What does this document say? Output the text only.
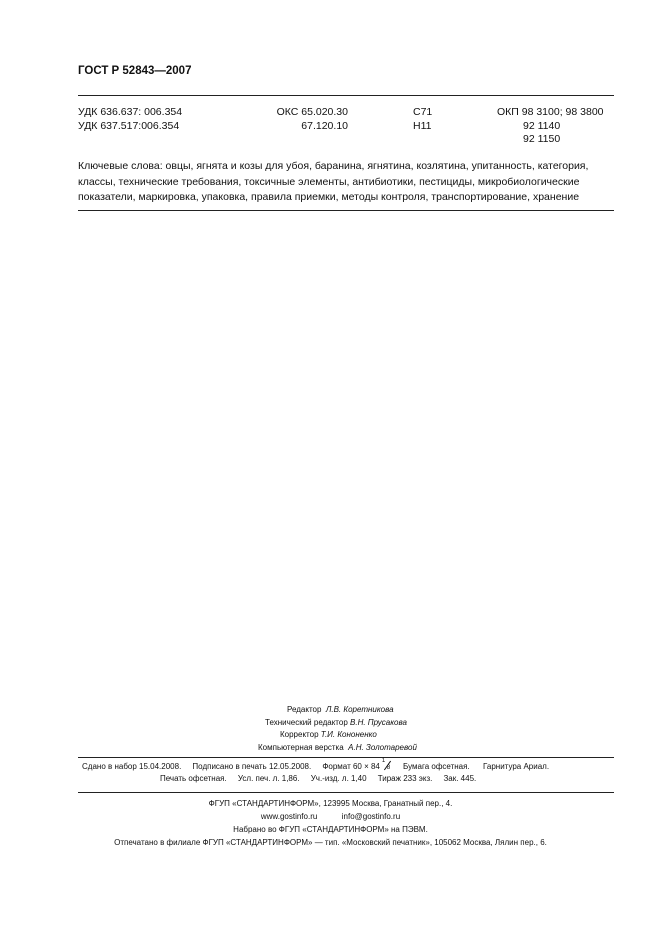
ГОСТ Р 52843—2007
УДК 636.637: 006.354
УДК 637.517:006.354
ОКС 65.020.30
67.120.10
С71
Н11
ОКП 98 3100; 98 3800
92 1140
92 1150
Ключевые слова: овцы, ягнята и козы для убоя, баранина, ягнятина, козлятина, упитанность, категория,
классы, технические требования, токсичные элементы, антибиотики, пестициды, микробиологические
показатели, маркировка, упаковка, правила приемки, методы контроля, транспортирование, хранение
Редактор Л.В. Коретникова
Технический редактор В.Н. Прусакова
Корректор Т.И. Кононенко
Компьютерная верстка А.Н. Золотаревой
Сдано в набор 15.04.2008. Подписано в печать 12.05.2008. Формат 60 × 84
1
8 Бумага офсетная. Гарнитура Ариал.
Печать офсетная. Усл. печ. л. 1,86. Уч.-изд. л. 1,40 Тираж 233 экз. Зак. 445.
ФГУП «СТАНДАРТИНФОРМ», 123995 Москва, Гранатный пер., 4.
www.gostinfo.ru	info@gostinfo.ru
Набрано во ФГУП «СТАНДАРТИНФОРМ» на ПЭВМ.
Отпечатано в филиале ФГУП «СТАНДАРТИНФОРМ» — тип. «Московский печатник», 105062 Москва, Лялин пер., 6.
